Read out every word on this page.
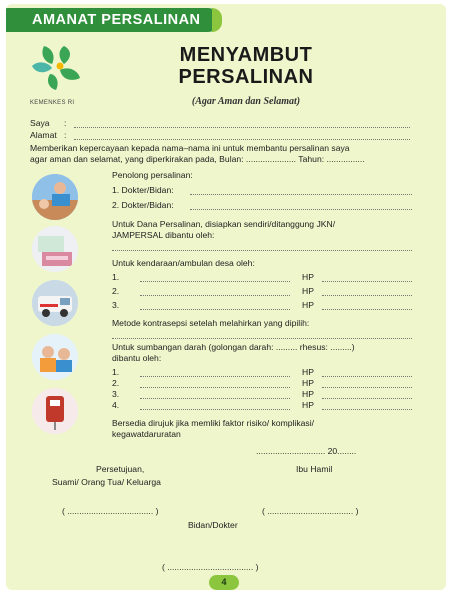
AMANAT PERSALINAN
KEMENKES RI
MENYAMBUT
PERSALINAN
(Agar Aman dan Selamat)
Saya :
Alamat :
Memberikan kepercayaan kepada nama–nama ini untuk membantu persalinan saya
agar aman dan selamat, yang diperkirakan pada, Bulan: ..................... Tahun: ................
Penolong persalinan:
1. Dokter/Bidan:
2. Dokter/Bidan:
Untuk Dana Persalinan, disiapkan sendiri/ditanggung JKN/
JAMPERSAL dibantu oleh:
Untuk kendaraan/ambulan desa oleh:
1.	HP
2.	HP
3.	HP
Metode kontrasepsi setelah melahirkan yang dipilih:
Untuk sumbangan darah (golongan darah: ......... rhesus: .........)
dibantu oleh:
1.	HP
2.	HP
3.	HP
4.	HP
Bersedia dirujuk jika memliki faktor risiko/ komplikasi/
kegawatdaruratan
............................. 20........
Persetujuan,	Ibu Hamil
Suami/ Orang Tua/ Keluarga
( .................................... )	( .................................... )
Bidan/Dokter
( .................................... )
4
